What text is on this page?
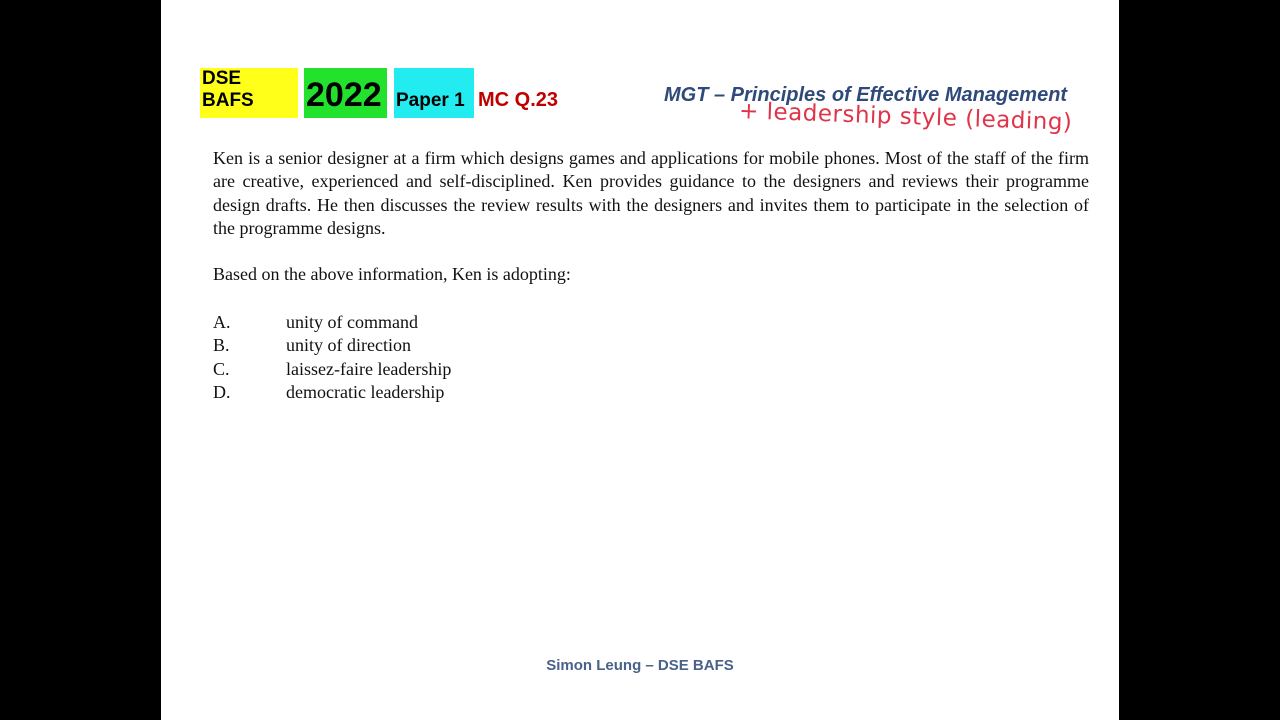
DSE BAFS	2022 Paper 1 MC Q.23	MGT – Principles of Effective Management
+ leadership style (leading)

Ken is a senior designer at a firm which designs games and applications for mobile phones. Most of the staff of the firm are creative, experienced and self-disciplined. Ken provides guidance to the designers and reviews their programme design drafts. He then discusses the review results with the designers and invites them to participate in the selection of the programme designs.

Based on the above information, Ken is adopting:

A.	unity of command
B.	unity of direction
C.	laissez-faire leadership
D.	democratic leadership
Simon Leung – DSE BAFS
